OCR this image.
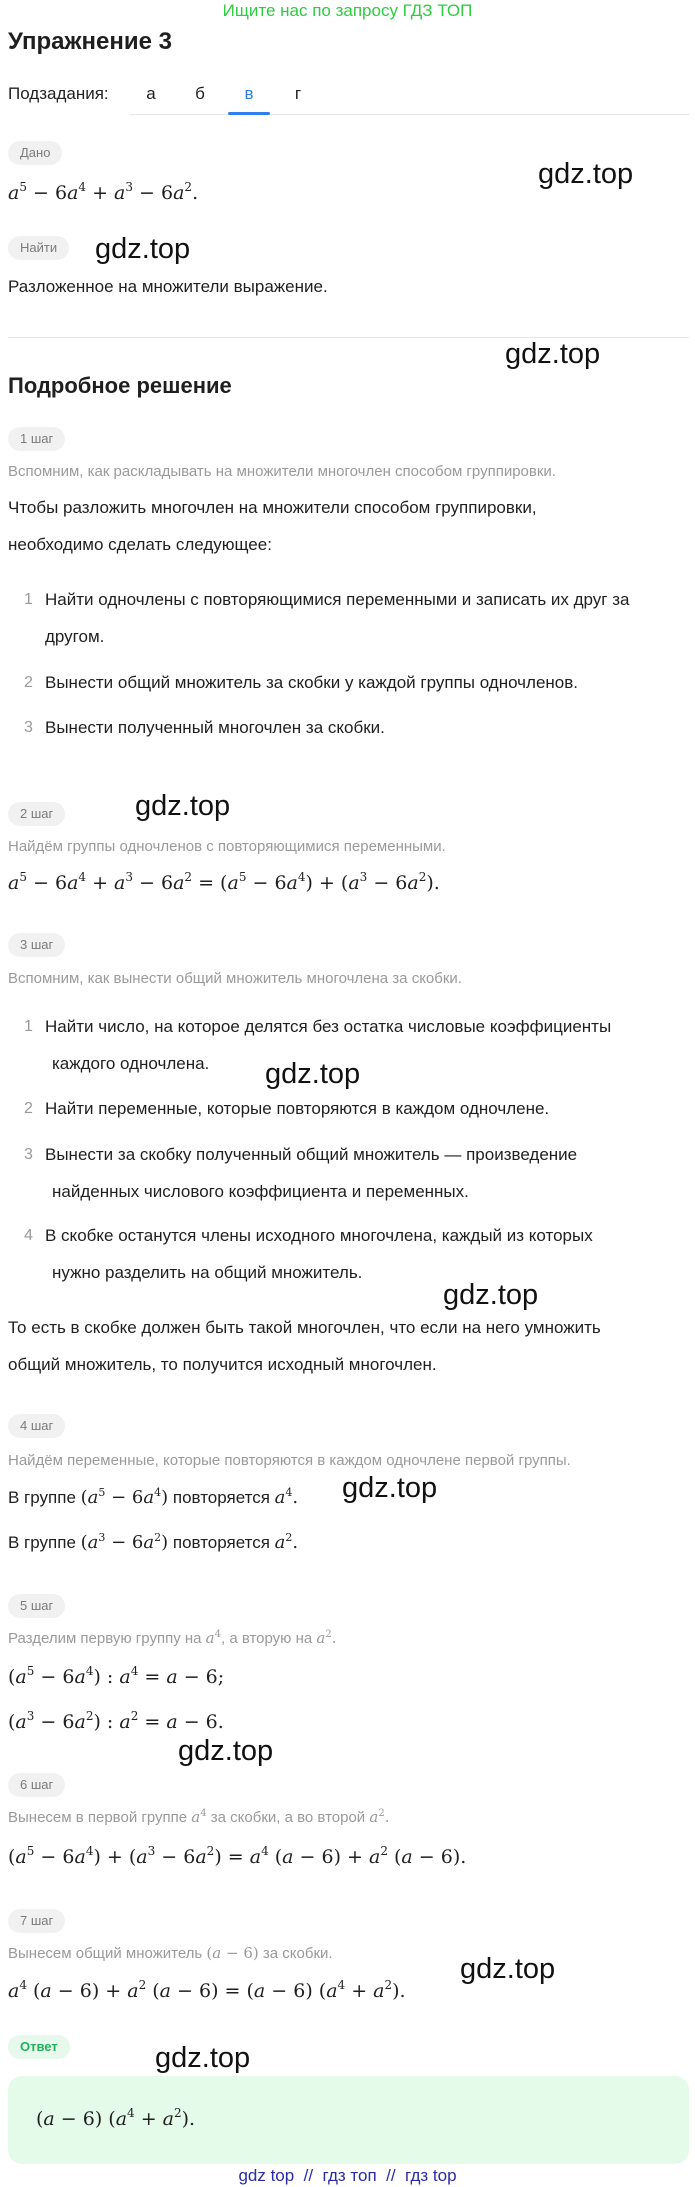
Ищите нас по запросу ГДЗ ТОП
Упражнение 3
Подзадания:	а	б	в	г
Дано
$a^5 - 6a^4 + a^3 - 6a^2$.
Найти
Разложенное на множители выражение.
Подробное решение
1 шаг
Вспомним, как раскладывать на множители многочлен способом группировки.
Чтобы разложить многочлен на множители способом группировки,
необходимо сделать следующее:
1 Найти одночлены с повторяющимися переменными и записать их друг за
другом.
2 Вынести общий множитель за скобки у каждой группы одночленов.
3 Вынести полученный многочлен за скобки.
2 шаг
Найдём группы одночленов с повторяющимися переменными.
$a^5 - 6a^4 + a^3 - 6a^2 = (a^5 - 6a^4) + (a^3 - 6a^2)$.
3 шаг
Вспомним, как вынести общий множитель многочлена за скобки.
1 Найти число, на которое делятся без остатка числовые коэффициенты
каждого одночлена.
2 Найти переменные, которые повторяются в каждом одночлене.
3 Вынести за скобку полученный общий множитель — произведение
найденных числового коэффициента и переменных.
4 В скобке останутся члены исходного многочлена, каждый из которых
нужно разделить на общий множитель.
То есть в скобке должен быть такой многочлен, что если на него умножить
общий множитель, то получится исходный многочлен.
4 шаг
Найдём переменные, которые повторяются в каждом одночлене первой группы.
В группе $(a^5 - 6a^4)$ повторяется $a^4$.
В группе $(a^3 - 6a^2)$ повторяется $a^2$.
5 шаг
Разделим первую группу на $a^4$, а вторую на $a^2$.
$(a^5 - 6a^4)$ : $a^4 = a - 6$;
$(a^3 - 6a^2)$ : $a^2 = a - 6$.
6 шаг
Вынесем в первой группе $a^4$ за скобки, а во второй $a^2$.
$(a^5 - 6a^4) + (a^3 - 6a^2) = a^4$ $(a - 6) + a^2$ (a − 6).
7 шаг
Вынесем общий множитель (a − 6) за скобки.
$a^4$ $(a - 6) + a^2$ (a − 6) = (a − 6) $(a^4 + a^2)$.
Ответ
(a − 6) $(a^4 + a^2)$.
gdz.top
gdz.top
gdz.top
gdz.top
gdz.top
gdz.top
gdz.top
gdz.top
gdz.top
gdz.top
gdz top  //  гдз топ  //  гдз top
